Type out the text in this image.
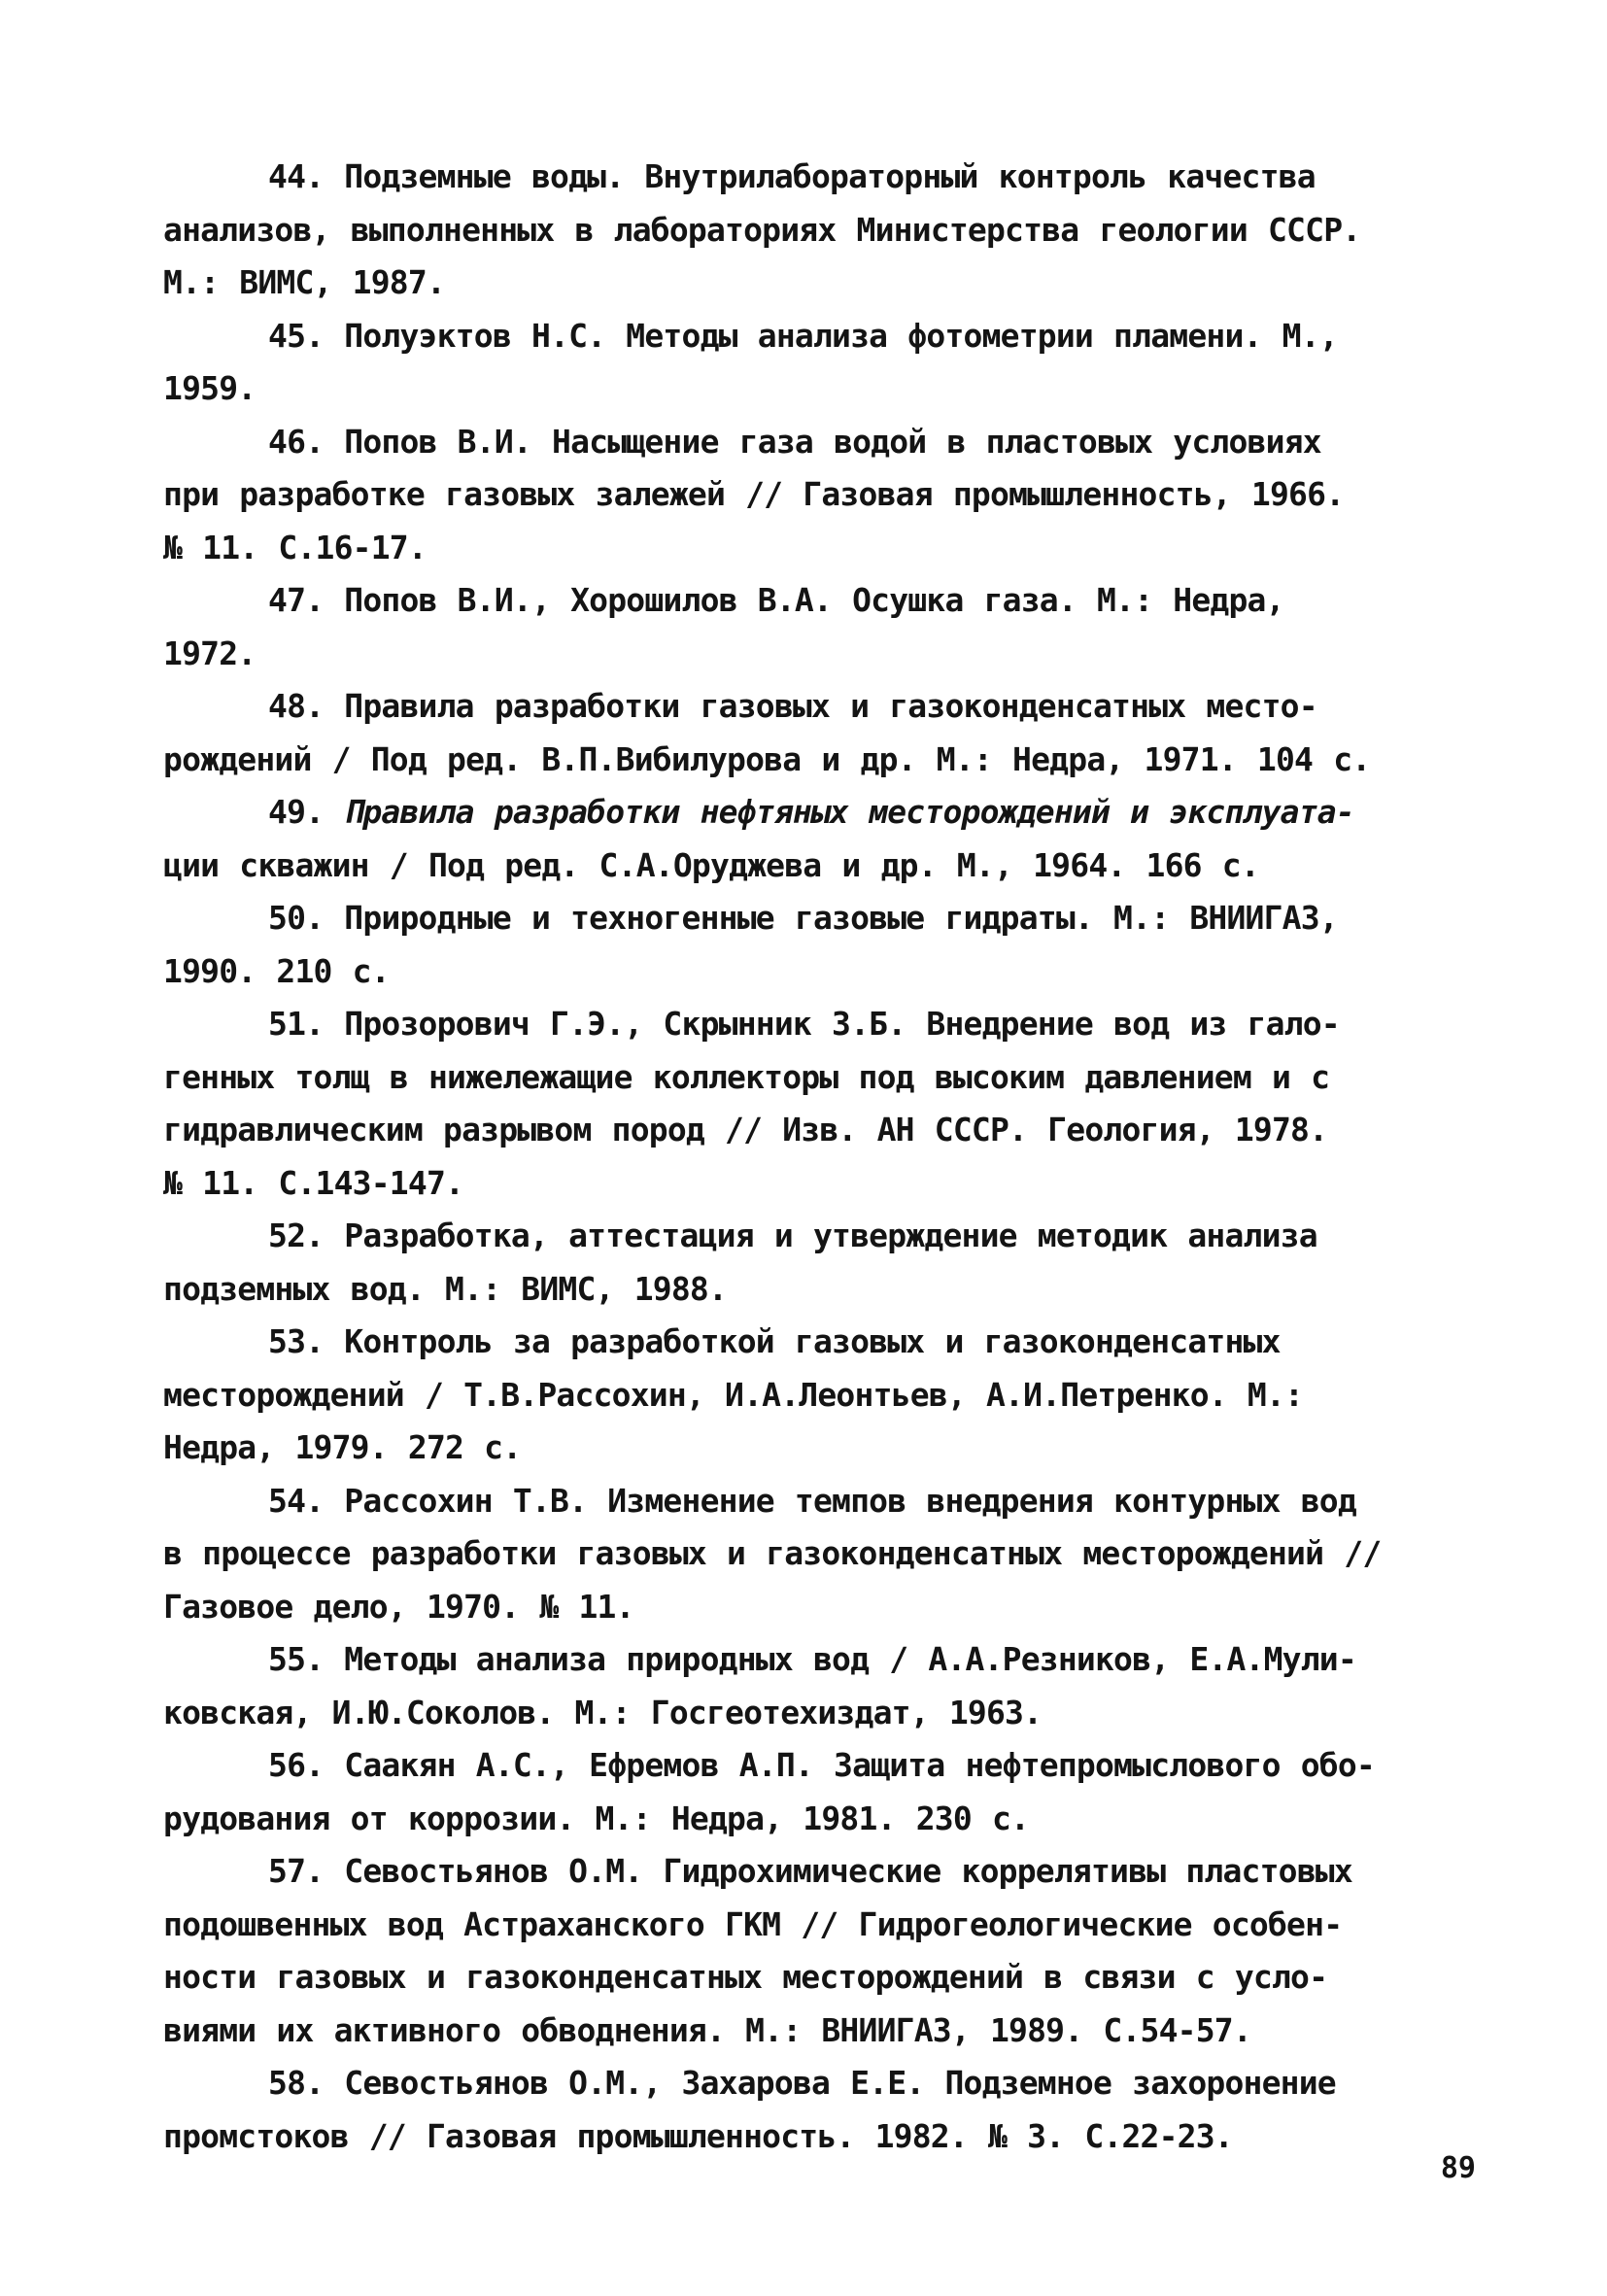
44. Подземные воды. Внутрилабораторный контроль качества
анализов, выполненных в лабораториях Министерства геологии СССР.
М.: ВИМС, 1987.

45. Полуэктов Н.С. Методы анализа фотометрии пламени. М.,
1959.

46. Попов В.И. Насыщение газа водой в пластовых условиях
при разработке газовых залежей // Газовая промышленность, 1966.
№ 11. С.16-17.

47. Попов В.И., Хорошилов В.А. Осушка газа. М.: Недра,
1972.

48. Правила разработки газовых и газоконденсатных место-
рождений / Под ред. В.П.Вибилурова и др. М.: Недра, 1971. 104 с.

49. Правила разработки нефтяных месторождений и эксплуата-
ции скважин / Под ред. С.А.Оруджева и др. М., 1964. 166 с.

50. Природные и техногенные газовые гидраты. М.: ВНИИГАЗ,
1990. 210 с.

51. Прозорович Г.Э., Скрынник З.Б. Внедрение вод из гало-
генных толщ в нижележащие коллекторы под высоким давлением и с
гидравлическим разрывом пород // Изв. АН СССР. Геология, 1978.
№ 11. С.143-147.

52. Разработка, аттестация и утверждение методик анализа
подземных вод. М.: ВИМС, 1988.

53. Контроль за разработкой газовых и газоконденсатных
месторождений / Т.В.Рассохин, И.А.Леонтьев, А.И.Петренко. М.:
Недра, 1979. 272 с.

54. Рассохин Т.В. Изменение темпов внедрения контурных вод
в процессе разработки газовых и газоконденсатных месторождений //
Газовое дело, 1970. № 11.

55. Методы анализа природных вод / А.А.Резников, Е.А.Мули-
ковская, И.Ю.Соколов. М.: Госгеотехиздат, 1963.

56. Саакян А.С., Ефремов А.П. Защита нефтепромыслового обо-
рудования от коррозии. М.: Недра, 1981. 230 с.

57. Севостьянов О.М. Гидрохимические коррелятивы пластовых
подошвенных вод Астраханского ГКМ // Гидрогеологические особен-
ности газовых и газоконденсатных месторождений в связи с усло-
виями их активного обводнения. М.: ВНИИГАЗ, 1989. С.54-57.

58. Севостьянов О.М., Захарова Е.Е. Подземное захоронение
промстоков // Газовая промышленность. 1982. № 3. С.22-23.

89
